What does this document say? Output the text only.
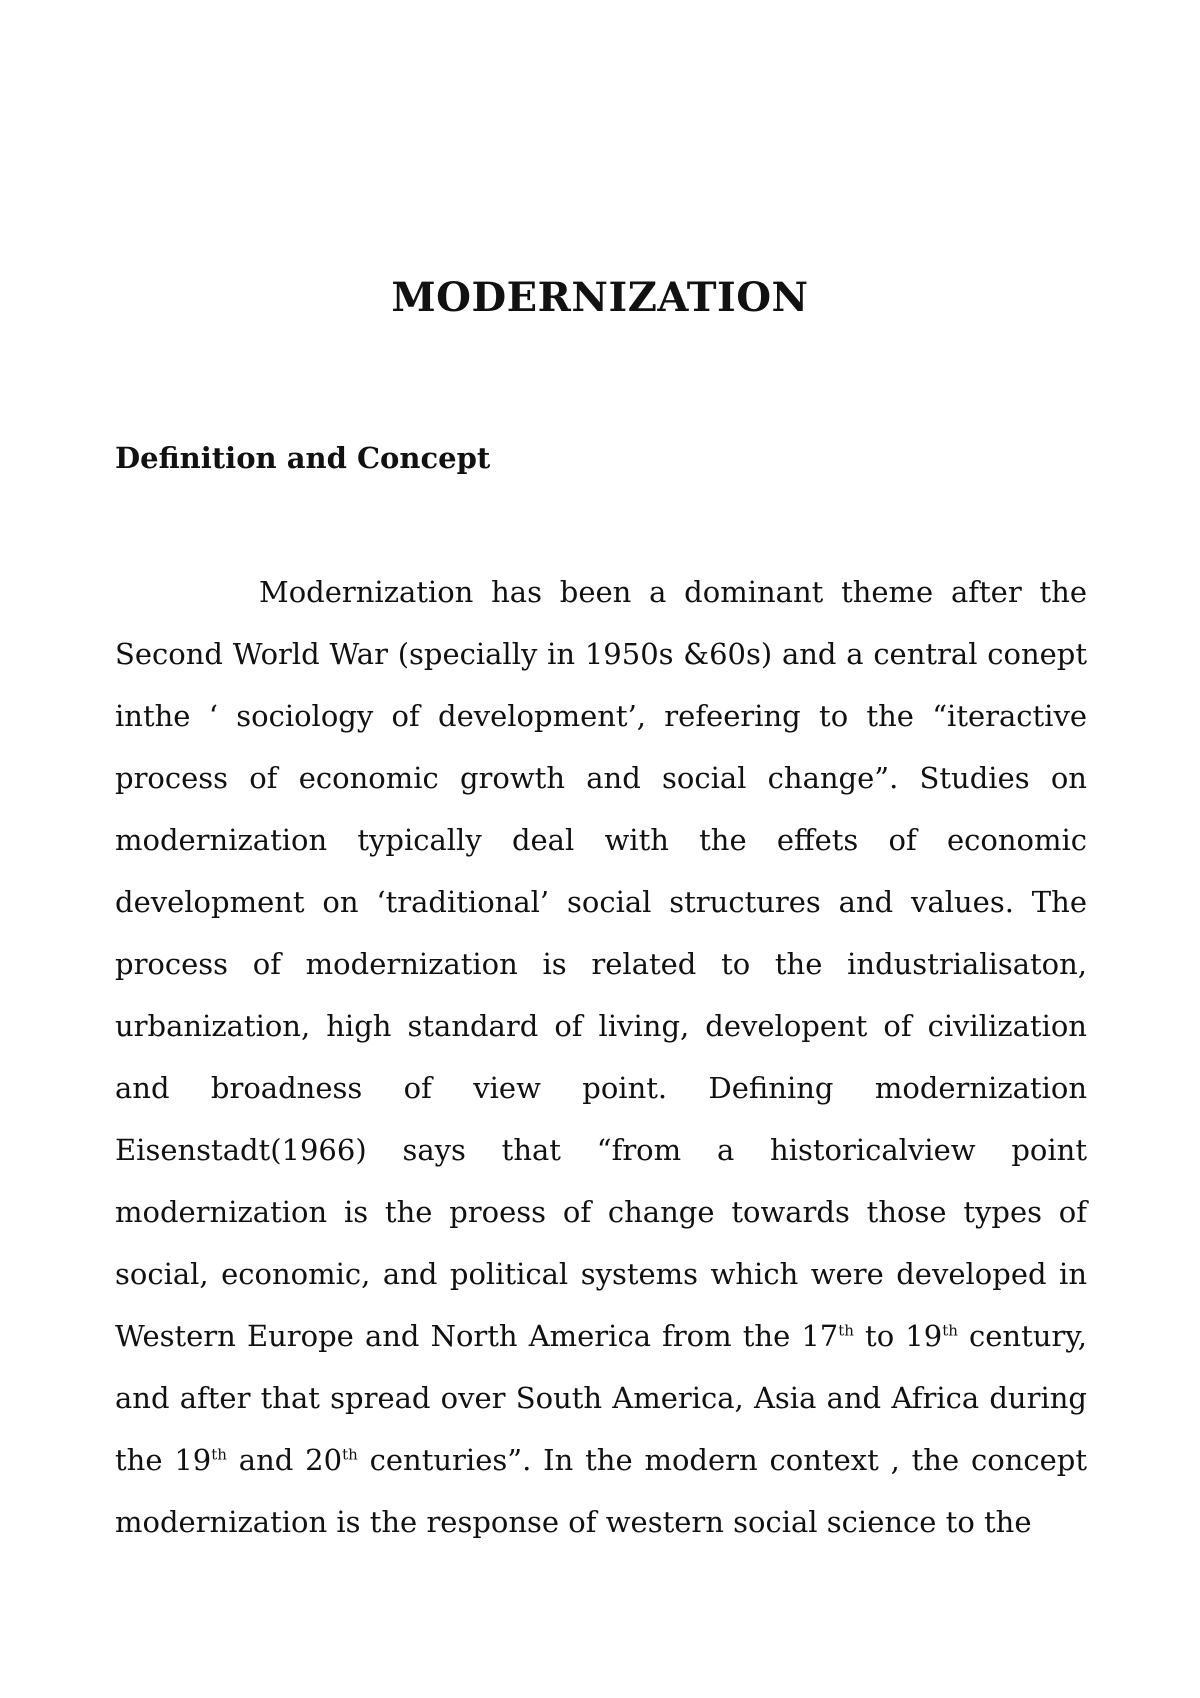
MODERNIZATION
Definition and Concept

Modernization has been a dominant theme after the Second World War (specially in 1950s &60s) and a central conept inthe ‘ sociology of development’, refeering to the “iteractive process of economic growth and social change”. Studies on modernization typically deal with the effets of economic development on ‘traditional’ social structures and values. The process of modernization is related to the industrialisaton, urbanization, high standard of living, developent of civilization and broadness of view point. Defining modernization Eisenstadt(1966) says that “from a historicalview point modernization is the proess of change towards those types of social, economic, and political systems which were developed in Western Europe and North America from the 17th to 19th century, and after that spread over South America, Asia and Africa during the 19th and 20th centuries”. In the modern context , the concept modernization is the response of western social science to the
